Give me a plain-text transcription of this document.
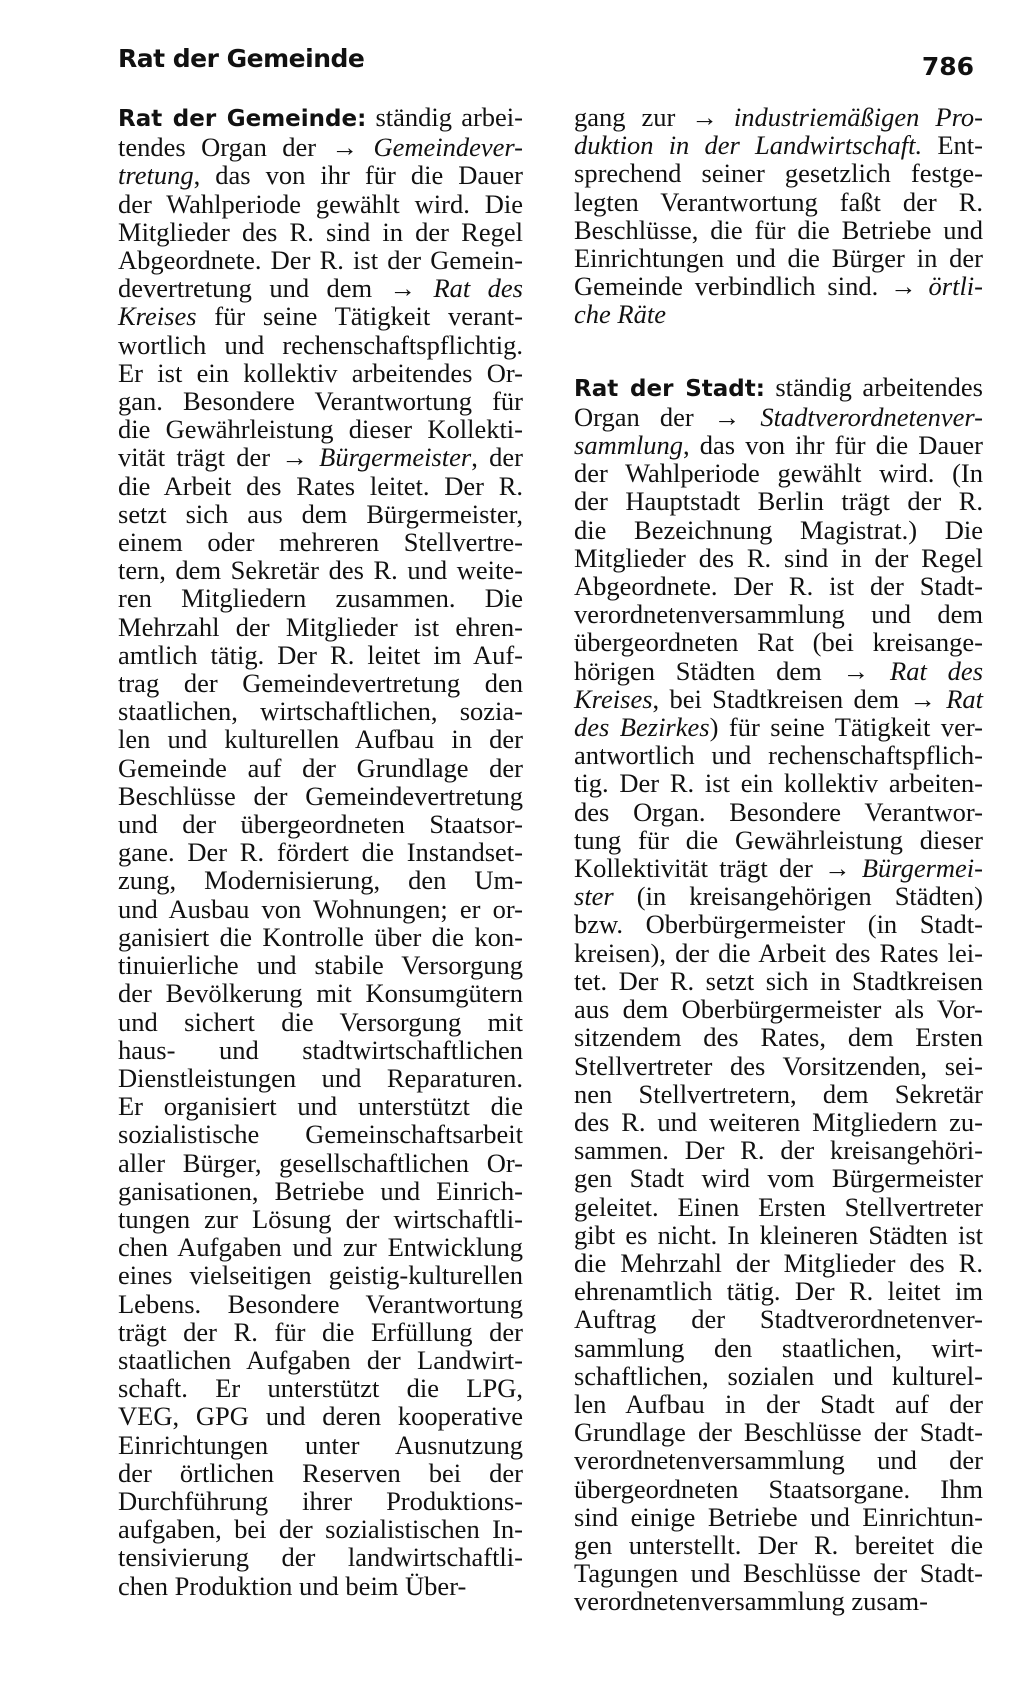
Rat der Gemeinde	786

Rat der Gemeinde: ständig arbei-
tendes Organ der → Gemeindever-
tretung, das von ihr für die Dauer
der Wahlperiode gewählt wird. Die
Mitglieder des R. sind in der Regel
Abgeordnete. Der R. ist der Gemein-
devertretung und dem → Rat des
Kreises für seine Tätigkeit verant-
wortlich und rechenschaftspflichtig.
Er ist ein kollektiv arbeitendes Or-
gan. Besondere Verantwortung für
die Gewährleistung dieser Kollekti-
vität trägt der → Bürgermeister, der
die Arbeit des Rates leitet. Der R.
setzt sich aus dem Bürgermeister,
einem oder mehreren Stellvertre-
tern, dem Sekretär des R. und weite-
ren Mitgliedern zusammen. Die
Mehrzahl der Mitglieder ist ehren-
amtlich tätig. Der R. leitet im Auf-
trag der Gemeindevertretung den
staatlichen, wirtschaftlichen, sozia-
len und kulturellen Aufbau in der
Gemeinde auf der Grundlage der
Beschlüsse der Gemeindevertretung
und der übergeordneten Staatsor-
gane. Der R. fördert die Instandset-
zung, Modernisierung, den Um-
und Ausbau von Wohnungen; er or-
ganisiert die Kontrolle über die kon-
tinuierliche und stabile Versorgung
der Bevölkerung mit Konsumgütern
und sichert die Versorgung mit
haus- und stadtwirtschaftlichen
Dienstleistungen und Reparaturen.
Er organisiert und unterstützt die
sozialistische Gemeinschaftsarbeit
aller Bürger, gesellschaftlichen Or-
ganisationen, Betriebe und Einrich-
tungen zur Lösung der wirtschaftli-
chen Aufgaben und zur Entwicklung
eines vielseitigen geistig-kulturellen
Lebens. Besondere Verantwortung
trägt der R. für die Erfüllung der
staatlichen Aufgaben der Landwirt-
schaft. Er unterstützt die LPG,
VEG, GPG und deren kooperative
Einrichtungen unter Ausnutzung
der örtlichen Reserven bei der
Durchführung ihrer Produktions-
aufgaben, bei der sozialistischen In-
tensivierung der landwirtschaftli-
chen Produktion und beim Über-

gang zur → industriemäßigen Pro-
duktion in der Landwirtschaft. Ent-
sprechend seiner gesetzlich festge-
legten Verantwortung faßt der R.
Beschlüsse, die für die Betriebe und
Einrichtungen und die Bürger in der
Gemeinde verbindlich sind. → örtli-
che Räte

Rat der Stadt: ständig arbeitendes
Organ der → Stadtverordnetenver-
sammlung, das von ihr für die Dauer
der Wahlperiode gewählt wird. (In
der Hauptstadt Berlin trägt der R.
die Bezeichnung Magistrat.) Die
Mitglieder des R. sind in der Regel
Abgeordnete. Der R. ist der Stadt-
verordnetenversammlung und dem
übergeordneten Rat (bei kreisange-
hörigen Städten dem → Rat des
Kreises, bei Stadtkreisen dem → Rat
des Bezirkes) für seine Tätigkeit ver-
antwortlich und rechenschaftspflich-
tig. Der R. ist ein kollektiv arbeiten-
des Organ. Besondere Verantwor-
tung für die Gewährleistung dieser
Kollektivität trägt der → Bürgermei-
ster (in kreisangehörigen Städten)
bzw. Oberbürgermeister (in Stadt-
kreisen), der die Arbeit des Rates lei-
tet. Der R. setzt sich in Stadtkreisen
aus dem Oberbürgermeister als Vor-
sitzendem des Rates, dem Ersten
Stellvertreter des Vorsitzenden, sei-
nen Stellvertretern, dem Sekretär
des R. und weiteren Mitgliedern zu-
sammen. Der R. der kreisangehöri-
gen Stadt wird vom Bürgermeister
geleitet. Einen Ersten Stellvertreter
gibt es nicht. In kleineren Städten ist
die Mehrzahl der Mitglieder des R.
ehrenamtlich tätig. Der R. leitet im
Auftrag der Stadtverordnetenver-
sammlung den staatlichen, wirt-
schaftlichen, sozialen und kulturel-
len Aufbau in der Stadt auf der
Grundlage der Beschlüsse der Stadt-
verordnetenversammlung und der
übergeordneten Staatsorgane. Ihm
sind einige Betriebe und Einrichtun-
gen unterstellt. Der R. bereitet die
Tagungen und Beschlüsse der Stadt-
verordnetenversammlung zusam-
